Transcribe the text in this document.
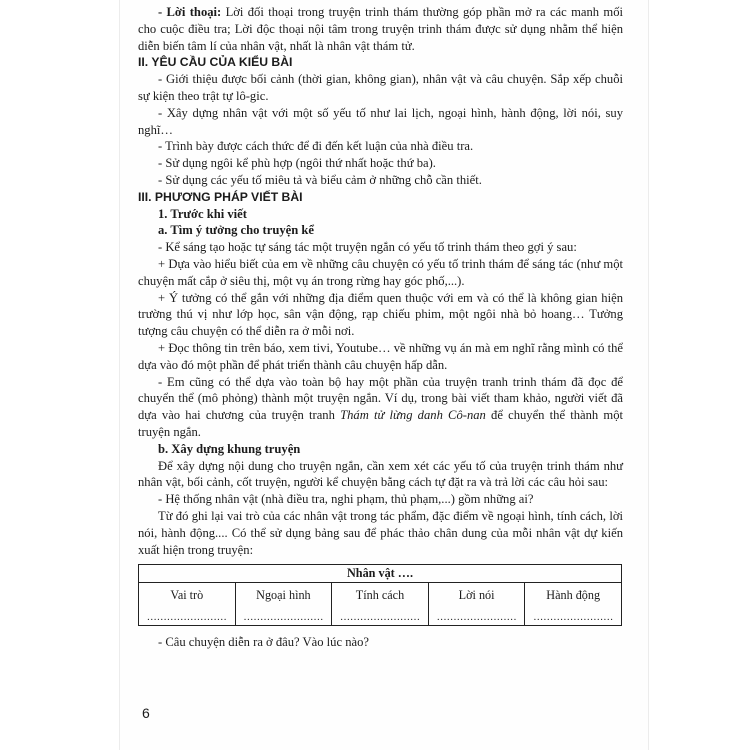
- Lời thoại: Lời đối thoại trong truyện trinh thám thường góp phần mở ra các manh mối cho cuộc điều tra; Lời độc thoại nội tâm trong truyện trinh thám được sử dụng nhằm thể hiện diễn biến tâm lí của nhân vật, nhất là nhân vật thám tử.

II. YÊU CẦU CỦA KIỂU BÀI

- Giới thiệu được bối cảnh (thời gian, không gian), nhân vật và câu chuyện. Sắp xếp chuỗi sự kiện theo trật tự lô-gic.

- Xây dựng nhân vật với một số yếu tố như lai lịch, ngoại hình, hành động, lời nói, suy nghĩ…

- Trình bày được cách thức để đi đến kết luận của nhà điều tra.

- Sử dụng ngôi kể phù hợp (ngôi thứ nhất hoặc thứ ba).

- Sử dụng các yếu tố miêu tả và biểu cảm ở những chỗ cần thiết.

III. PHƯƠNG PHÁP VIẾT BÀI

1. Trước khi viết

a. Tìm ý tưởng cho truyện kể

- Kể sáng tạo hoặc tự sáng tác một truyện ngắn có yếu tố trinh thám theo gợi ý sau:

+ Dựa vào hiểu biết của em về những câu chuyện có yếu tố trinh thám để sáng tác (như một chuyện mất cắp ở siêu thị, một vụ án trong rừng hay góc phố,...).

+ Ý tưởng có thể gắn với những địa điểm quen thuộc với em và có thể là không gian hiện trường thú vị như lớp học, sân vận động, rạp chiếu phim, một ngôi nhà bỏ hoang… Tưởng tượng câu chuyện có thể diễn ra ở mỗi nơi.

+ Đọc thông tin trên báo, xem tivi, Youtube… về những vụ án mà em nghĩ rằng mình có thể dựa vào đó một phần để phát triển thành câu chuyện hấp dẫn.

- Em cũng có thể dựa vào toàn bộ hay một phần của truyện tranh trinh thám đã đọc để chuyển thể (mô phỏng) thành một truyện ngắn. Ví dụ, trong bài viết tham khảo, người viết đã dựa vào hai chương của truyện tranh Thám tử lừng danh Cô-nan để chuyển thể thành một truyện ngắn.

b. Xây dựng khung truyện

Để xây dựng nội dung cho truyện ngắn, cần xem xét các yếu tố của truyện trinh thám như nhân vật, bối cảnh, cốt truyện, người kể chuyện bằng cách tự đặt ra và trả lời các câu hỏi sau:

- Hệ thống nhân vật (nhà điều tra, nghi phạm, thủ phạm,...) gồm những ai?

Từ đó ghi lại vai trò của các nhân vật trong tác phẩm, đặc điểm về ngoại hình, tính cách, lời nói, hành động.... Có thể sử dụng bảng sau để phác thảo chân dung của mỗi nhân vật dự kiến xuất hiện trong truyện:

Nhân vật ….				
Vai trò	Ngoại hình	Tính cách	Lời nói	Hành động
……………………	……………………	……………………	……………………	……………………

- Câu chuyện diễn ra ở đâu? Vào lúc nào?

6
